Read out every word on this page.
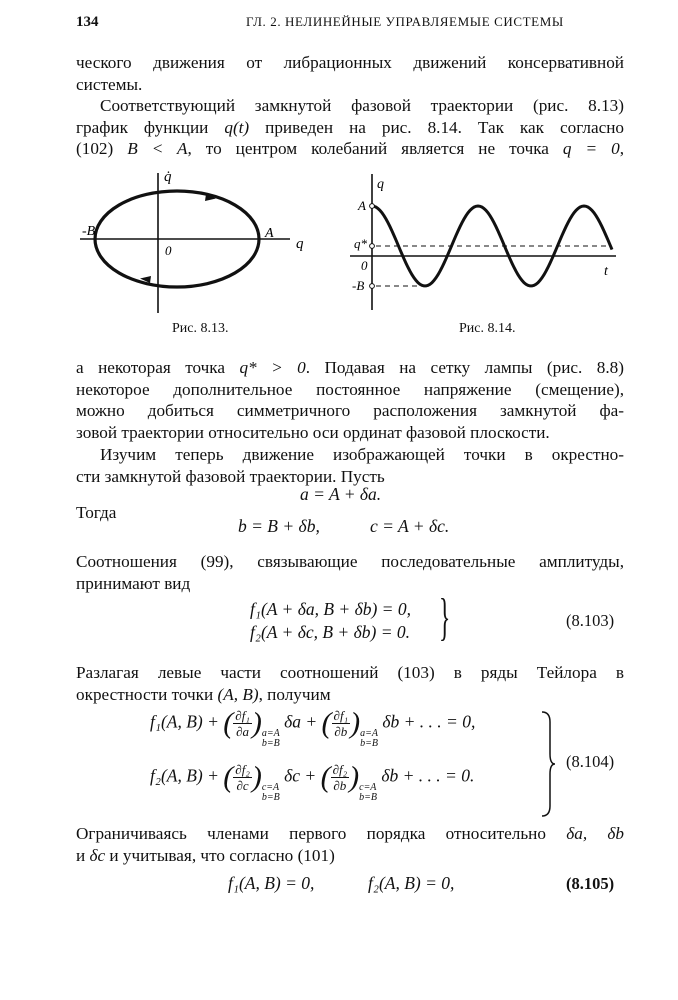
134	ГЛ. 2. НЕЛИНЕЙНЫЕ УПРАВЛЯЕМЫЕ СИСТЕМЫ
ческого движения от либрационных движений консервативной
системы.
Соответствующий замкнутой фазовой траектории (рис. 8.13)
график функции q(t) приведен на рис. 8.14. Так как согласно
(102) B < A, то центром колебаний является не точка q = 0,
q̇
q
-B	A
0
Рис. 8.13.
q
A
q*
0
-B
t
Рис. 8.14.
а некоторая точка q* > 0. Подавая на сетку лампы (рис. 8.8)
некоторое дополнительное постоянное напряжение (смещение),
можно добиться симметричного расположения замкнутой фа-
зовой траектории относительно оси ординат фазовой плоскости.
Изучим теперь движение изображающей точки в окрестно-
сти замкнутой фазовой траектории. Пусть
a = A + δa.
Тогда
b = B + δb,	c = A + δc.
Соотношения (99), связывающие последовательные амплитуды,
принимают вид
f₁(A + δa, B + δb) = 0,
f₂(A + δc, B + δb) = 0. }	(8.103)
Разлагая левые части соотношений (103) в ряды Тейлора в
окрестности точки (A, B), получим
f₁(A, B) + ( $\frac{\text{∂f₁}}{\partial a} )a=A$
b=B δa + ( $\frac{\text{∂f₁}}{\partial b} )a=A$
b=B δb + . . . = 0,
f₂(A, B) + ( $\frac{\text{∂f₂}}{\partial c} )c=A$
b=B δc + ( $\frac{\text{∂f₂}}{\partial b} )c=A$
b=B δb + . . . = 0.
(8.104)
Ограничиваясь членами первого порядка относительно δa, δb
и δc и учитывая, что согласно (101)
f₁(A, B) = 0,	f₂(A, B) = 0,	(8.105)
